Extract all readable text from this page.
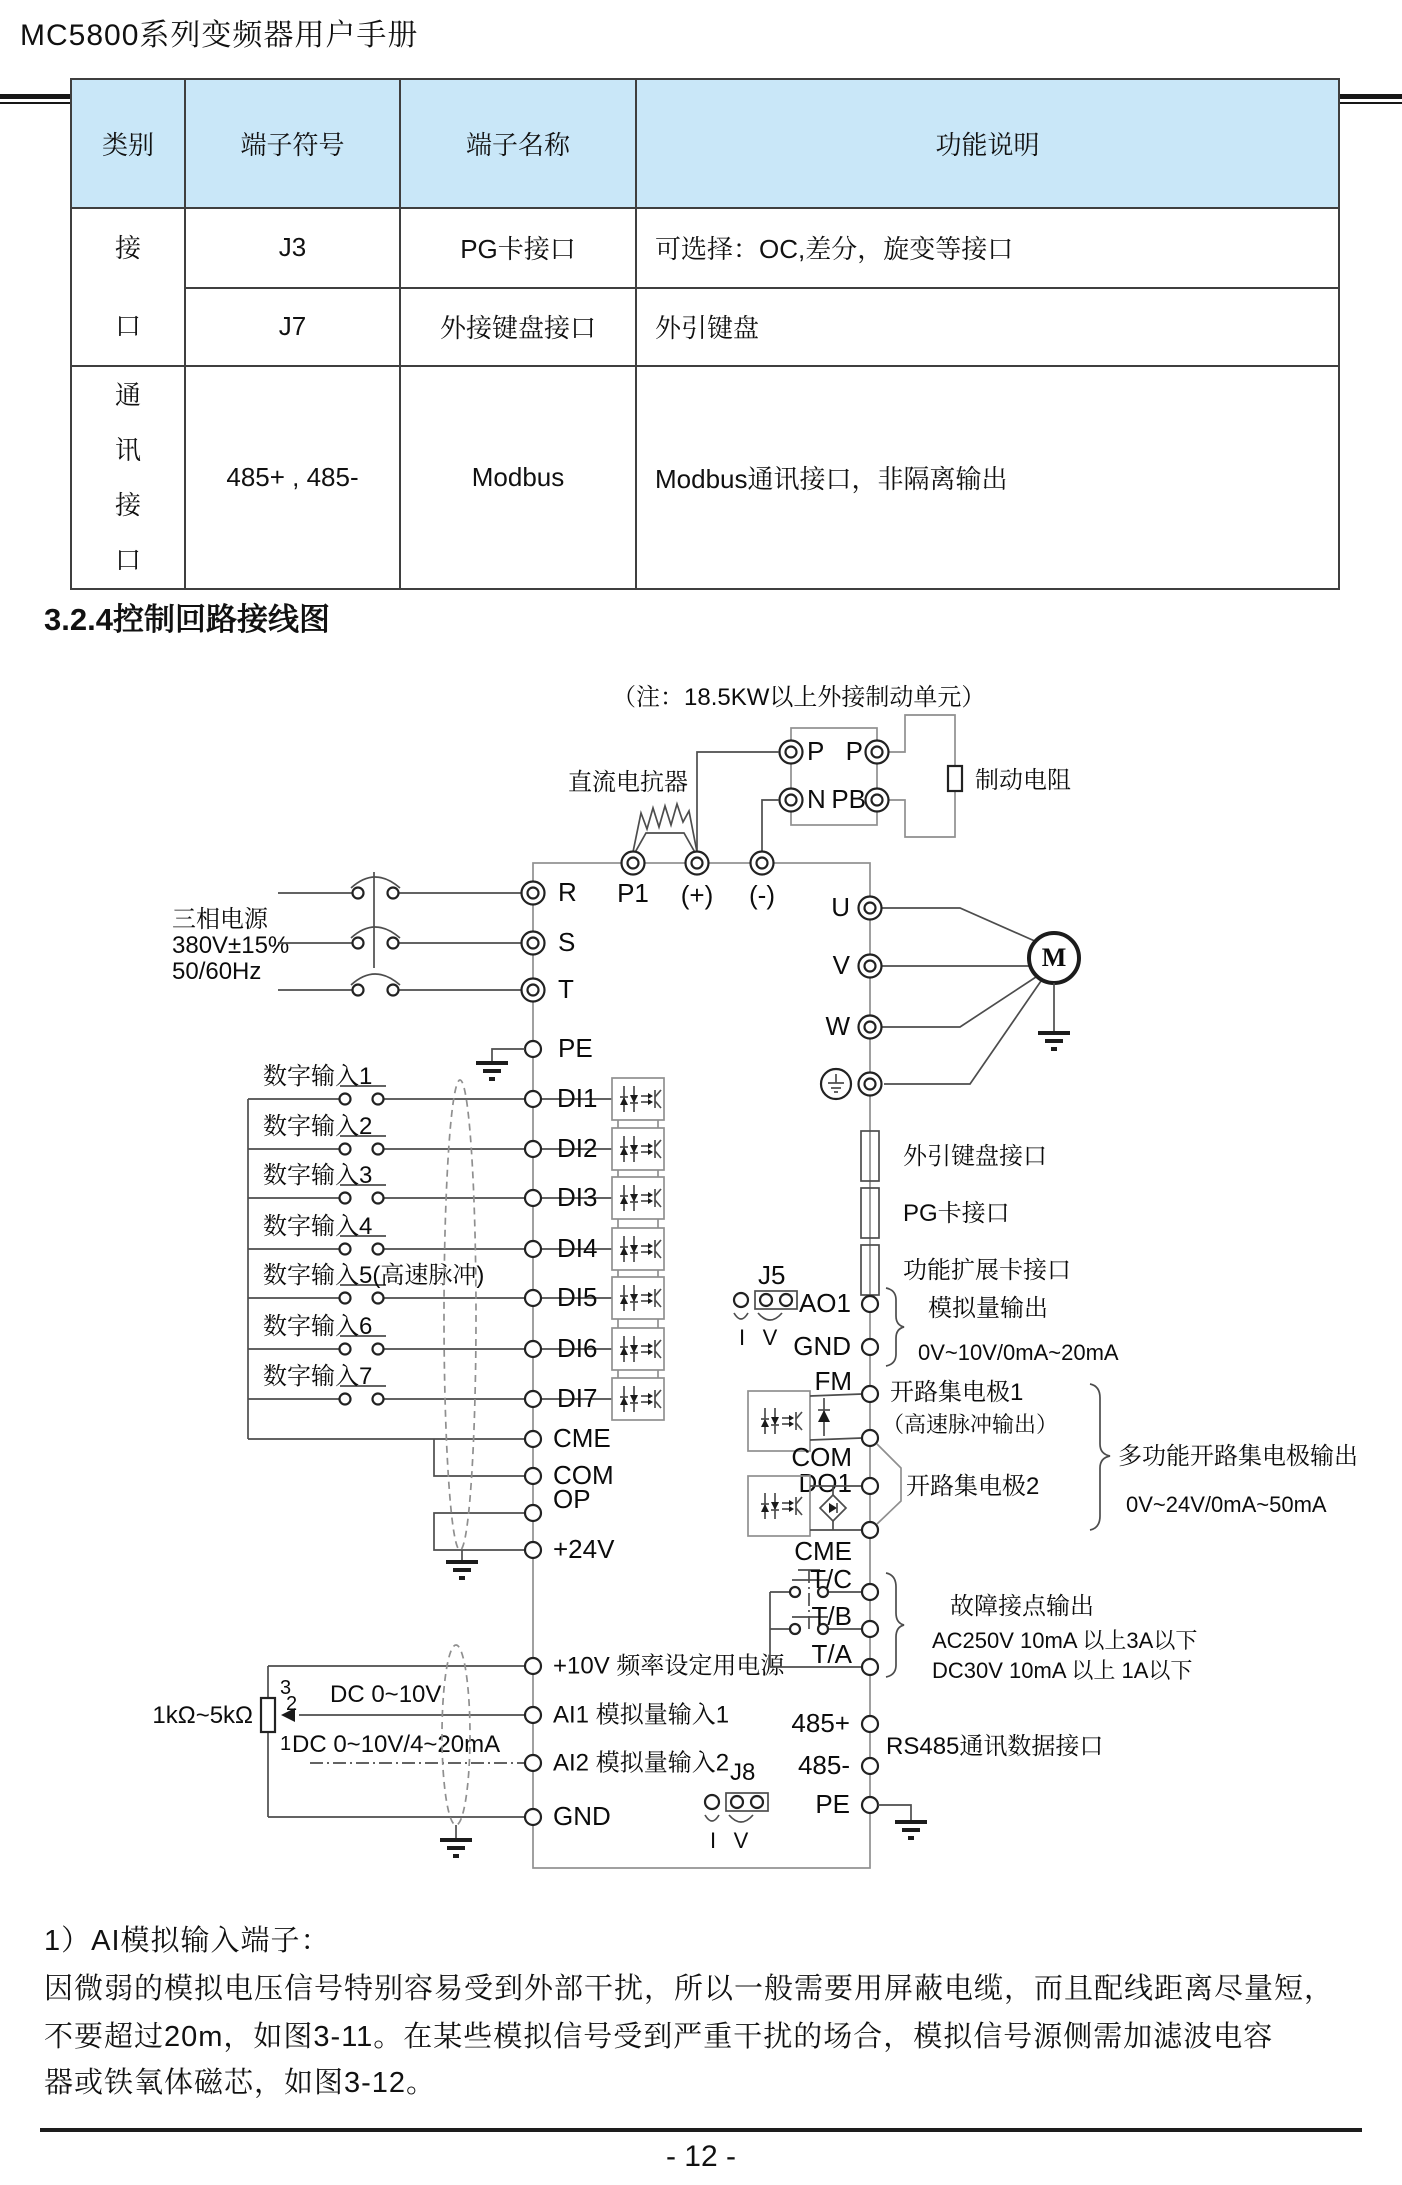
MC5800系列变频器用户手册
类别	端子符号	端子名称	功能说明

接口	J3	PG卡接口	可选择：OC,差分，旋变等接口
	J7	外接键盘接口	外引键盘

通讯接口	485+ , 485-	Modbus	Modbus通讯接口，非隔离输出
3.2.4控制回路接线图
（注：18.5KW以上外接制动单元）
P
N
P
PB
制动电阻
直流电抗器
P1 (+) (-)
三相电源
380V±15%
50/60Hz
R
S
T
PE
数字输入1
DI1
数字输入2
DI2
数字输入3
DI3
数字输入4
DI4
数字输入5(高速脉冲)
DI5
数字输入6
DI6
数字输入7
DI7
CME
COM
OP
+24V
3
2
1
1kΩ~5kΩ
DC 0~10V
DC 0~10V/4~20mA
+10V 频率设定用电源
AI1 模拟量输入1
AI2 模拟量输入2
GND
U
V
W
M
外引键盘接口
PG卡接口
功能扩展卡接口
J5
I V
AO1
GND
模拟量输出
0V~10V/0mA~20mA
FM
COM
DO1
CME
开路集电极1
（高速脉冲输出）
开路集电极2
多功能开路集电极输出
0V~24V/0mA~50mA
T/C
T/B
T/A
故障接点输出
AC250V 10mA 以上3A以下
DC30V 10mA 以上 1A以下
485+
485-
RS485通讯数据接口
PE
J8
I V
1）AI模拟输入端子：
因微弱的模拟电压信号特别容易受到外部干扰，所以一般需要用屏蔽电缆，而且配线距离尽量短，
不要超过20m，如图3-11。在某些模拟信号受到严重干扰的场合，模拟信号源侧需加滤波电容
器或铁氧体磁芯，如图3-12。
- 12 -
